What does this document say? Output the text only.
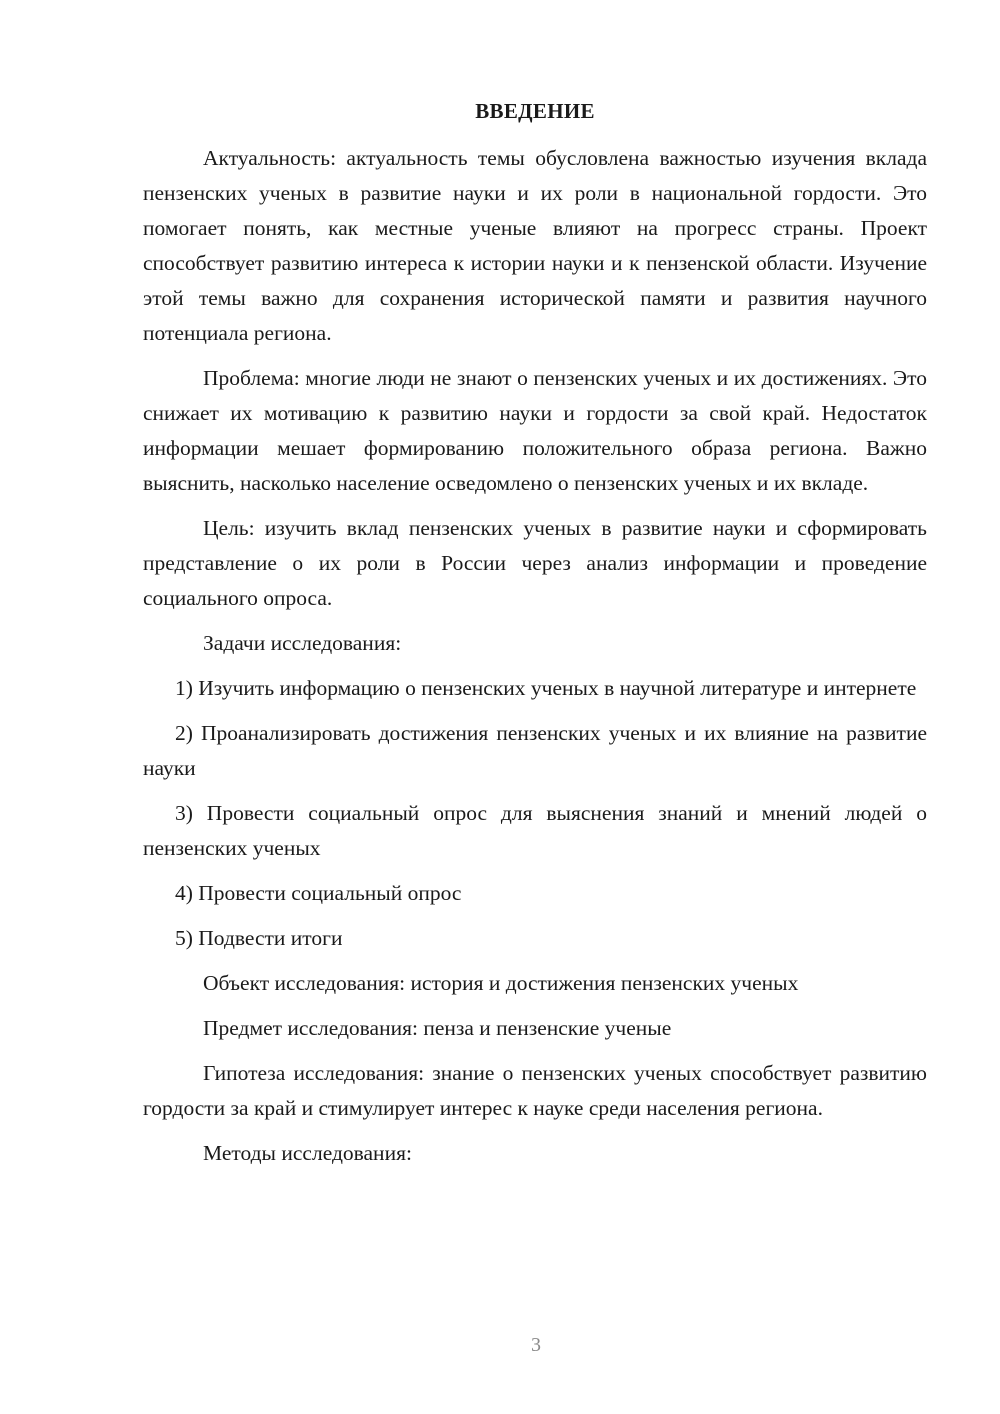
ВВЕДЕНИЕ

Актуальность: актуальность темы обусловлена важностью изучения вклада пензенских ученых в развитие науки и их роли в национальной гордости. Это помогает понять, как местные ученые влияют на прогресс страны. Проект способствует развитию интереса к истории науки и к пензенской области. Изучение этой темы важно для сохранения исторической памяти и развития научного потенциала региона.

Проблема: многие люди не знают о пензенских ученых и их достижениях. Это снижает их мотивацию к развитию науки и гордости за свой край. Недостаток информации мешает формированию положительного образа региона. Важно выяснить, насколько население осведомлено о пензенских ученых и их вкладе.

Цель: изучить вклад пензенских ученых в развитие науки и сформировать представление о их роли в России через анализ информации и проведение социального опроса.

Задачи исследования:

1) Изучить информацию о пензенских ученых в научной литературе и интернете

2) Проанализировать достижения пензенских ученых и их влияние на развитие науки

3) Провести социальный опрос для выяснения знаний и мнений людей о пензенских ученых

4) Провести социальный опрос

5) Подвести итоги

Объект исследования: история и достижения пензенских ученых

Предмет исследования: пенза и пензенские ученые

Гипотеза исследования: знание о пензенских ученых способствует развитию гордости за край и стимулирует интерес к науке среди населения региона.

Методы исследования:

3
